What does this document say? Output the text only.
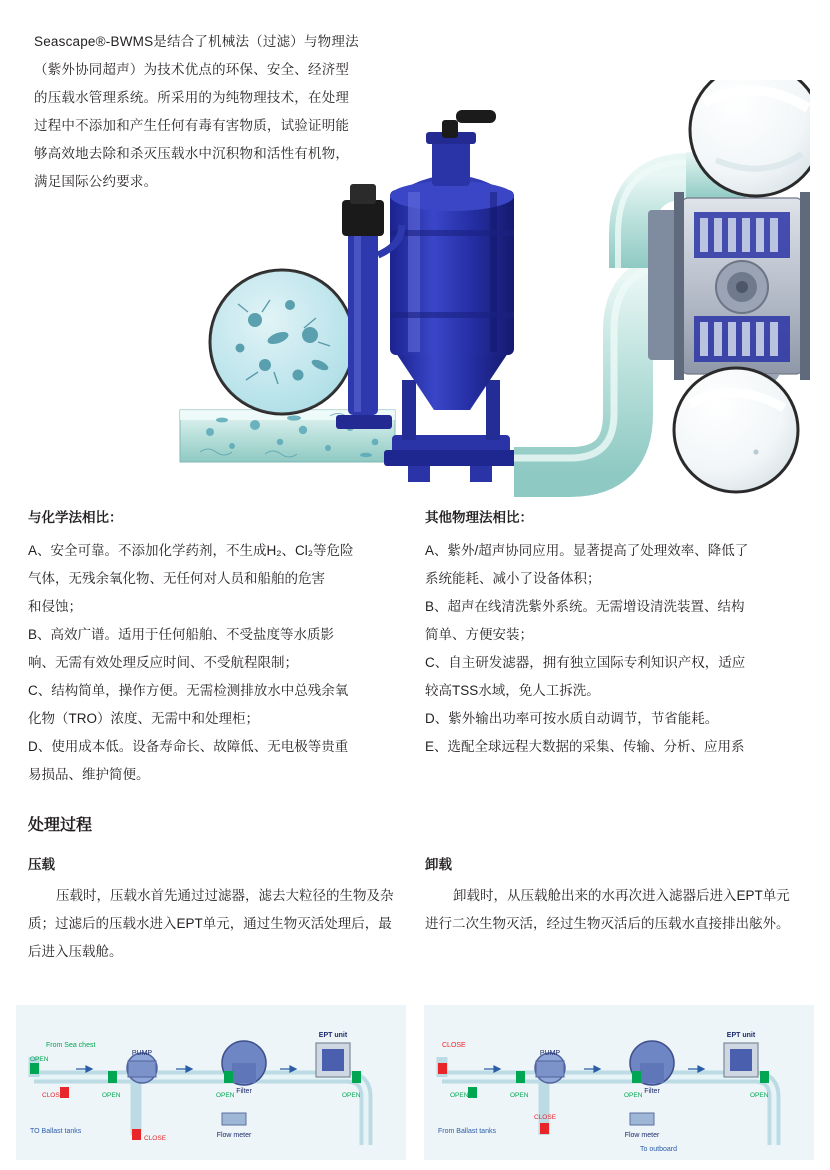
Seascape®-BWMS是结合了机械法（过滤）与物理法
（紫外协同超声）为技术优点的环保、安全、经济型
的压载水管理系统。所采用的为纯物理技术，在处理
过程中不添加和产生任何有毒有害物质，试验证明能
够高效地去除和杀灭压载水中沉积物和活性有机物，
满足国际公约要求。
与化学法相比：
A、安全可靠。不添加化学药剂，不生成H₂、Cl₂等危险
气体，无残余氧化物、无任何对人员和船舶的危害
和侵蚀；
B、高效广谱。适用于任何船舶、不受盐度等水质影
响、无需有效处理反应时间、不受航程限制；
C、结构简单，操作方便。无需检测排放水中总残余氧
化物（TRO）浓度、无需中和处理柜；
D、使用成本低。设备寿命长、故障低、无电极等贵重
易损品、维护简便。
其他物理法相比：
A、紫外/超声协同应用。显著提高了处理效率、降低了
系统能耗、减小了设备体积；
B、超声在线清洗紫外系统。无需增设清洗装置、结构
简单、方便安装；
C、自主研发滤器，拥有独立国际专利知识产权，适应
较高TSS水域，免人工拆洗。
D、紫外输出功率可按水质自动调节，节省能耗。
E、选配全球远程大数据的采集、传输、分析、应用系
处理过程
压载
压载时，压载水首先通过过滤器，滤去大粒径的生物及杂质；过滤后的压载水进入EPT单元，通过生物灭活处理后，最后进入压载舱。
卸载
卸载时，从压载舱出来的水再次进入滤器后进入EPT单元进行二次生物灭活，经过生物灭活后的压载水直接排出舷外。
PUMP
Filter
EPT unit
Flow meter
From Sea chest
OPEN
CLOSE	OPEN	OPEN	OPEN
TO Ballast tanks
CLOSE
PUMP
Filter
EPT unit
Flow meter
CLOSE
OPEN	OPEN	OPEN	OPEN
CLOSE
From Ballast tanks
To outboard
